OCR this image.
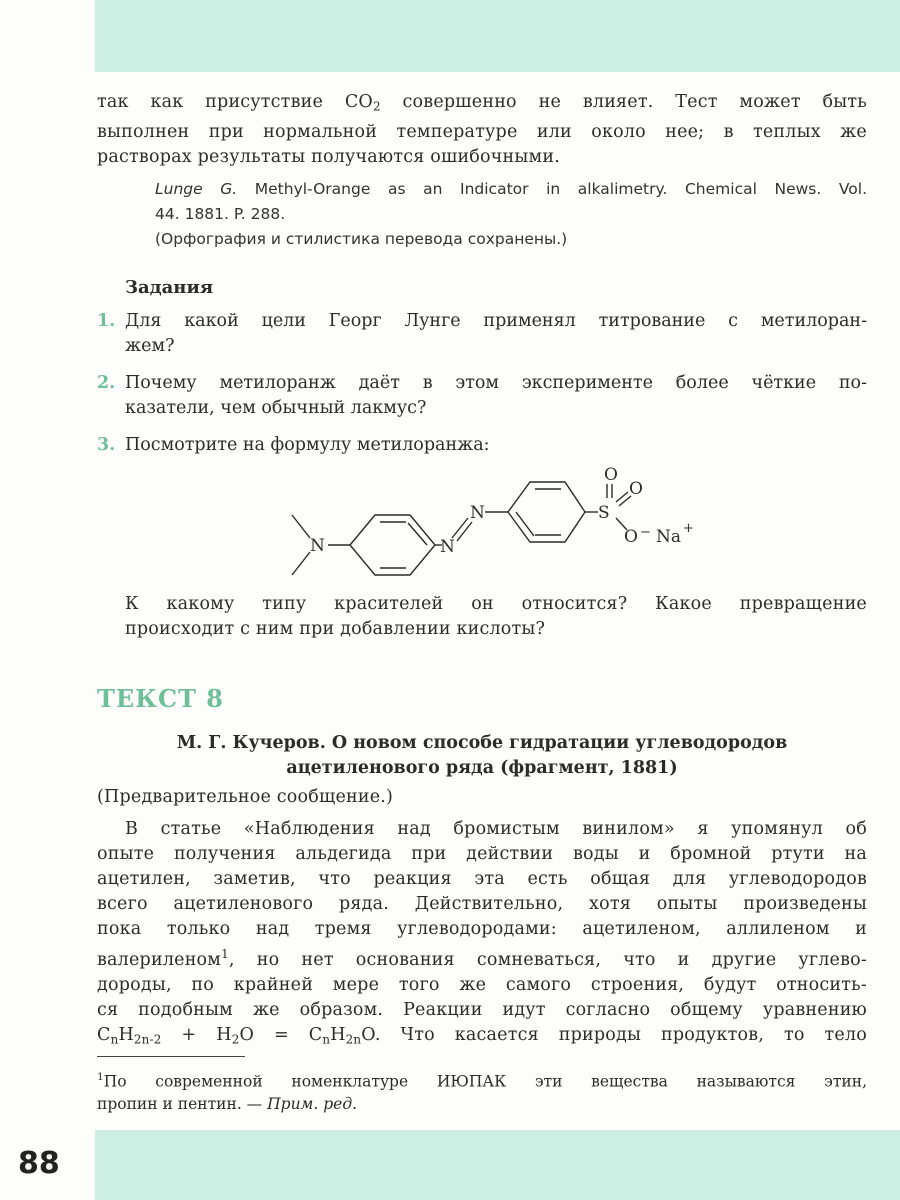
так как присутствие $CO_2$ совершенно не влияет. Тест может быть
выполнен при нормальной температуре или около нее; в теплых же
растворах результаты получаются ошибочными.
Lunge G. Methyl-Orange as an Indicator in alkalimetry. Chemical News. Vol.
44. 1881. P. 288.
(Орфография и стилистика перевода сохранены.)
Задания
1. Для какой цели Георг Лунге применял титрование с метилоран-
жем?
2. Почему метилоранж даёт в этом эксперименте более чёткие по-
казатели, чем обычный лакмус?
3. Посмотрите на формулу метилоранжа:
N	N
N	S
O
O
O − Na +
К какому типу красителей он относится? Какое превращение
происходит с ним при добавлении кислоты?
ТЕКСТ 8
М. Г. Кучеров. О новом способе гидратации углеводородов
ацетиленового ряда (фрагмент, 1881)
(Предварительное сообщение.)
В статье «Наблюдения над бромистым винилом» я упомянул об
опыте получения альдегида при действии воды и бромной ртути на
ацетилен, заметив, что реакция эта есть общая для углеводородов
всего ацетиленового ряда. Действительно, хотя опыты произведены
пока только над тремя углеводородами: ацетиленом, аллиленом и
валериленом$^1$, но нет основания сомневаться, что и другие углево-
дороды, по крайней мере того же самого строения, будут относить-
ся подобным же образом. Реакции идут согласно общему уравнению
$C_nH_{2n-2} + H_2O = C_nH_{2n}O$. Что касается природы продуктов, то тело
$^1$По современной номенклатуре ИЮПАК эти вещества называются этин,
пропин и пентин. — Прим. ред.
88
